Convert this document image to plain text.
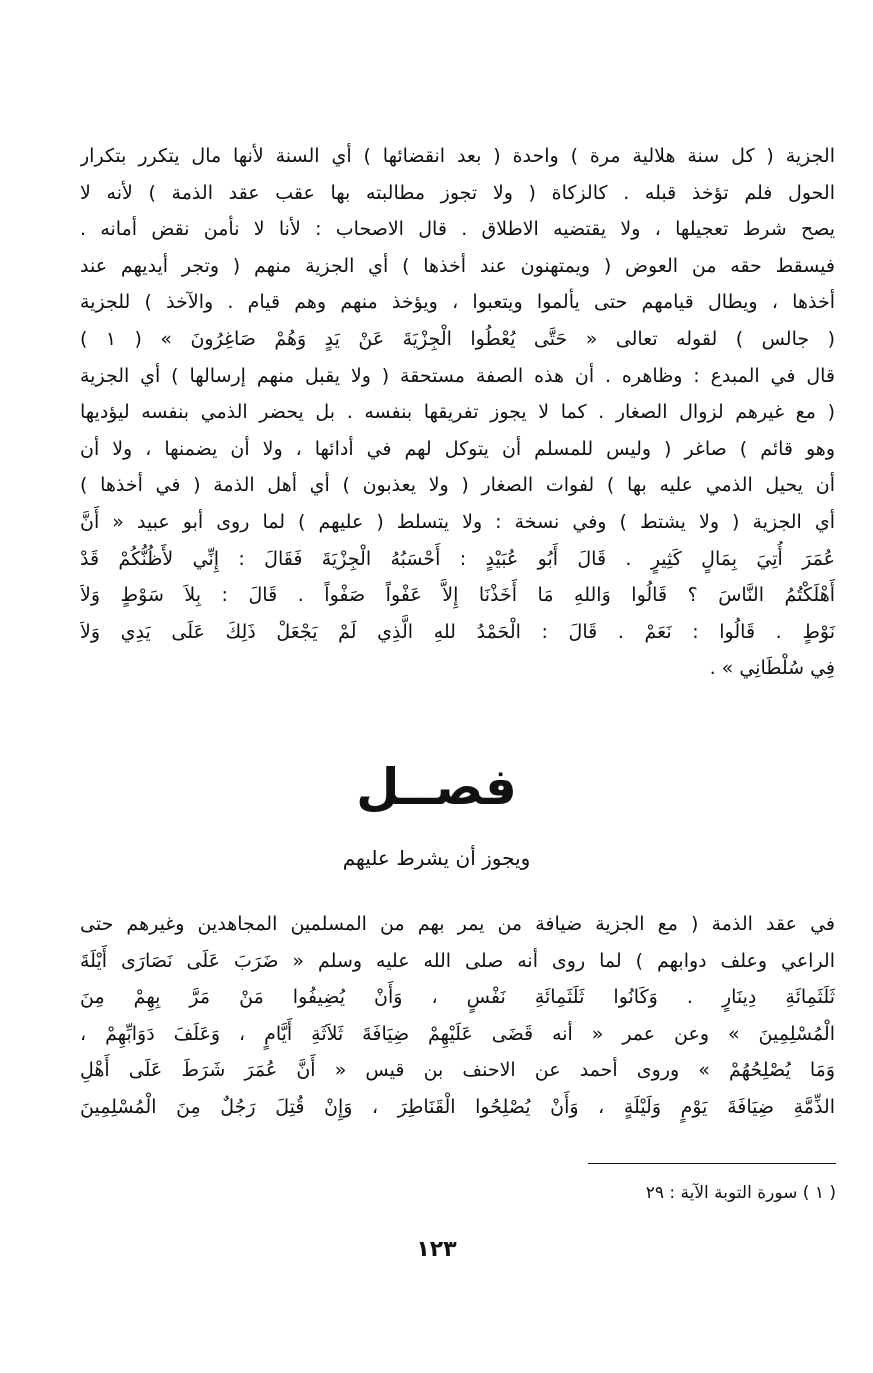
الجزية ( كل سنة هلالية مرة ) واحدة ( بعد انقضائها ) أي السنة لأنها مال يتكرر بتكرار
الحول فلم تؤخذ قبله . كالزكاة ( ولا تجوز مطالبته بها عقب عقد الذمة ) لأنه لا
يصح شرط تعجيلها ، ولا يقتضيه الاطلاق . قال الاصحاب : لأنا لا نأمن نقض أمانه .
فيسقط حقه من العوض ( ويمتهنون عند أخذها ) أي الجزية منهم ( وتجر أيديهم عند
أخذها ، ويطال قيامهم حتى يألموا ويتعبوا ، ويؤخذ منهم وهم قيام . والآخذ ) للجزية
( جالس ) لقوله تعالى « حَتَّى يُعْطُوا الْجِزْيَةَ عَنْ يَدٍ وَهُمْ صَاغِرُونَ » ( ١ )
قال في المبدع : وظاهره . أن هذه الصفة مستحقة ( ولا يقبل منهم إرسالها ) أي الجزية
( مع غيرهم لزوال الصغار . كما لا يجوز تفريقها بنفسه . بل يحضر الذمي بنفسه ليؤديها
وهو قائم ) صاغر ( وليس للمسلم أن يتوكل لهم في أدائها ، ولا أن يضمنها ، ولا أن
أن يحيل الذمي عليه بها ) لفوات الصغار ( ولا يعذبون ) أي أهل الذمة ( في أخذها )
أي الجزية ( ولا يشتط ) وفي نسخة : ولا يتسلط ( عليهم ) لما روى أبو عبيد « أَنَّ
عُمَرَ أُتِيَ بِمَالٍ كَثِيرٍ . قَالَ أَبُو عُبَيْدٍ : أَحْسَبُهُ الْجِزْيَةَ فَقَالَ : إِنِّي لأَظُنُّكُمْ قَدْ
أَهْلَكْتُمُ النَّاسَ ؟ قَالُوا وَاللهِ مَا أَخَذْنَا إِلاَّ عَفْواً صَفْواً . قَالَ : بِلاَ سَوْطٍ وَلاَ
نَوْطٍ . قَالُوا : نَعَمْ . قَالَ : الْحَمْدُ للهِ الَّذِي لَمْ يَجْعَلْ ذَلِكَ عَلَى يَدِي وَلاَ
فِي سُلْطَانِي » .
فصــل
ويجوز أن يشرط عليهم
في عقد الذمة ( مع الجزية ضيافة من يمر بهم من المسلمين المجاهدين وغيرهم حتى
الراعي وعلف دوابهم ) لما روى أنه صلى الله عليه وسلم « ضَرَبَ عَلَى نَصَارَى أَيْلَةَ
ثَلَثَمِائَةِ دِينَارٍ . وَكَانُوا ثَلَثَمِائَةِ نَفْسٍ ، وَأَنْ يُضِيفُوا مَنْ مَرَّ بِهِمْ مِنَ
الْمُسْلِمِينَ » وعن عمر « أنه قَضَى عَلَيْهِمْ ضِيَافَةَ ثَلاَثَةِ أَيَّامٍ ، وَعَلَفَ دَوَابِّهِمْ ،
وَمَا يُصْلِحُهُمْ » وروى أحمد عن الاحنف بن قيس « أَنَّ عُمَرَ شَرَطَ عَلَى أَهْلِ
الذِّمَّةِ ضِيَافَةَ يَوْمٍ وَلَيْلَةٍ ، وَأَنْ يُصْلِحُوا الْقَنَاطِرَ ، وَإِنْ قُتِلَ رَجُلٌ مِنَ الْمُسْلِمِينَ
( ١ ) سورة التوبة الآية : ٢٩
١٢٣
